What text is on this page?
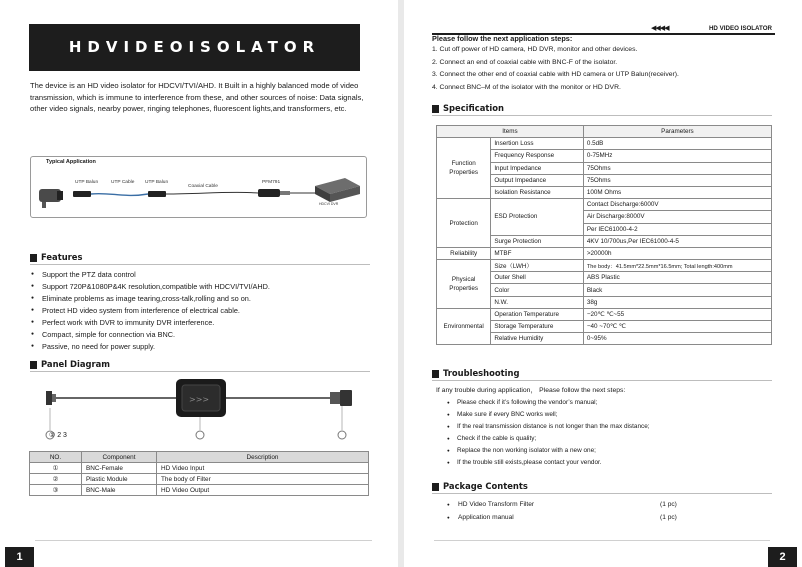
HDVIDEOISOLATOR

The device is an HD video isolator for HDCVI/TVI/AHD. It Built in a highly balanced mode of video transmission, which is immune to interference from these, and other sources of noise: Data signals, other video signals, nearby power, ringing telephones, fluorescent lights,and transformers, etc.

Typical Application
UTP Balun	UTP Cable UTP Balun
Coaxial Cable
PFM791
HDCVI DVR
Features
Support the PTZ data control
Support 720P&1080P&4K resolution,compatible with HDCVI/TVI/AHD.
Eliminate problems as image tearing,cross-talk,rolling and so on.
Protect HD video system from interference of electrical cable.
Perfect work with DVR to immunity DVR interference.
Compact, simple for connection via BNC.
Passive, no need for power supply.
Panel Diagram
>>>
① 2 3
NO.	Component	Description
①	BNC-Female	HD Video Input
②	Plastic Module	The body of Filter
③	BNC-Male	HD Video Output
1
◀◀◀◀	HD VIDEO ISOLATOR
Please follow the next application steps:
1. Cut off power of HD camera, HD DVR, monitor and other devices.
2. Connect an end of coaxial cable with BNC-F of the isolator.
3. Connect the other end of coaxial cable with HD camera or UTP Balun(receiver).
4. Connect BNC–M of the isolator with the monitor or HD DVR.
Specification
Items		Parameters
Function Properties	Insertion Loss	0.5dB
	Frequency Response	0-75MHz
	Input Impedance	75Ohms
	Output Impedance	75Ohms
	Isolation Resistance	100M Ohms
Protection	ESD Protection	Contact Discharge:6000V
		Air Discharge:8000V
		Per IEC61000-4-2
	Surge Protection	4KV 10/700us,Per IEC61000-4-5
Reliability	MTBF	>20000h
Physical Properties	Size（LWH）	The body：41.5mm*22.5mm*16.5mm; Total length:400mm
	Outer Shell	ABS Plastic
	Color	Black
	N.W.	38g
Environmental	Operation Temperature	−20℃ ℃~55
	Storage Temperature	−40 ~70℃ ℃
	Relative Humidity	0~95%
Troubleshooting
If any trouble during application， Please follow the next steps:
Please check if it’s following the vendor’s manual;
Make sure if every BNC works well;
If the real transmission distance is not longer than the max distance;
Check if the cable is quality;
Replace the non working isolator with a new one;
If the trouble still exists,please contact your vendor.
Package Contents
HD Video Transform Filter	(1 pc)
Application manual	(1 pc)
2
